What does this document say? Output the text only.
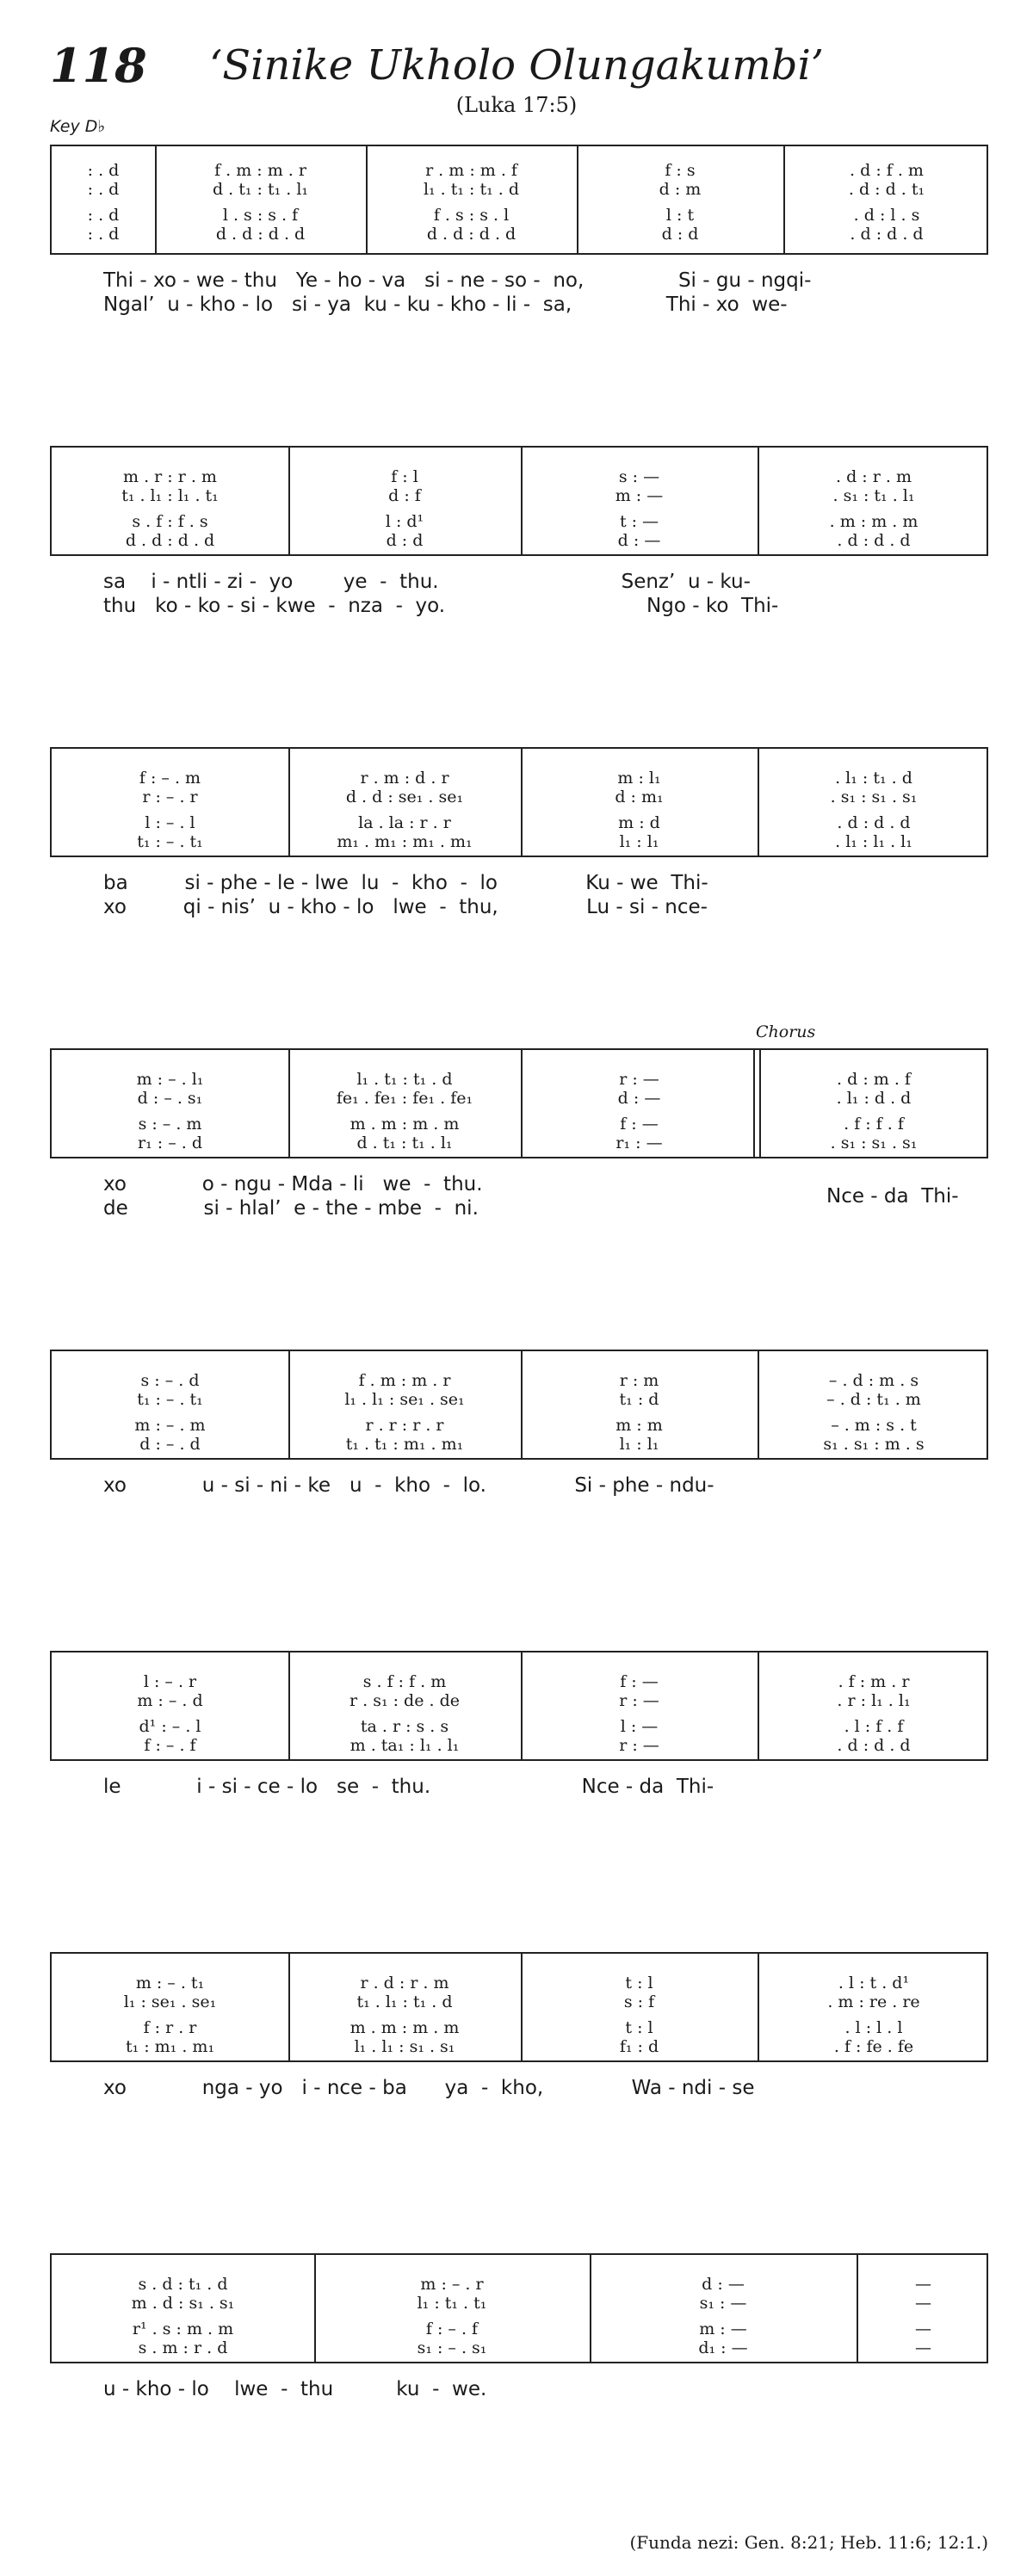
118	‘Sinike Ukholo Olungakumbi’
(Luka 17:5)
Key D♭
Chorus
: . d
: . d
: . d
: . d
f . m : m . r
d . t₁ : t₁ . l₁
l . s : s . f
d . d : d . d
r . m : m . f
l₁ . t₁ : t₁ . d
f . s : s . l
d . d : d . d
f : s
d : m
l : t
d : d
. d : f . m
. d : d . t₁
. d : l . s
. d : d . d
Thi - xo - we - thu   Ye - ho - va   si - ne - so -  no,               Si - gu - ngqi-
Ngal’  u - kho - lo   si - ya  ku - ku - kho - li -  sa,               Thi - xo  we-
m . r : r . m
t₁ . l₁ : l₁ . t₁
s . f : f . s
d . d : d . d
f : l
d : f
l : d¹
d : d
s : —
m : —
t : —
d : —
. d : r . m
. s₁ : t₁ . l₁
. m : m . m
. d : d . d
sa    i - ntli - zi -  yo        ye  -  thu.                             Senz’  u - ku-
thu   ko - ko - si - kwe  -  nza  -  yo.                                Ngo - ko  Thi-
f : – . m
r : – . r
l : – . l
t₁ : – . t₁
r . m : d . r
d . d : se₁ . se₁
la . la : r . r
m₁ . m₁ : m₁ . m₁
m : l₁
d : m₁
m : d
l₁ : l₁
. l₁ : t₁ . d
. s₁ : s₁ . s₁
. d : d . d
. l₁ : l₁ . l₁
ba         si - phe - le - lwe  lu  -  kho  -  lo              Ku - we  Thi-
xo         qi - nis’  u - kho - lo   lwe  -  thu,              Lu - si - nce-
m : – . l₁
d : – . s₁
s : – . m
r₁ : – . d
l₁ . t₁ : t₁ . d
fe₁ . fe₁ : fe₁ . fe₁
m . m : m . m
d . t₁ : t₁ . l₁
r : —
d : —
f : —
r₁ : —
. d : m . f
. l₁ : d . d
. f : f . f
. s₁ : s₁ . s₁
xo            o - ngu - Mda - li   we  -  thu.
de            si - hlal’  e - the - mbe  -  ni.
Nce - da  Thi-
s : – . d
t₁ : – . t₁
m : – . m
d : – . d
f . m : m . r
l₁ . l₁ : se₁ . se₁
r . r : r . r
t₁ . t₁ : m₁ . m₁
r : m
t₁ : d
m : m
l₁ : l₁
– . d : m . s
– . d : t₁ . m
– . m : s . t
s₁ . s₁ : m . s
xo            u - si - ni - ke   u  -  kho  -  lo.              Si - phe - ndu-
l : – . r
m : – . d
d¹ : – . l
f : – . f
s . f : f . m
r . s₁ : de . de
ta . r : s . s
m . ta₁ : l₁ . l₁
f : —
r : —
l : —
r : —
. f : m . r
. r : l₁ . l₁
. l : f . f
. d : d . d
le            i - si - ce - lo   se  -  thu.                        Nce - da  Thi-
m : – . t₁
l₁ : se₁ . se₁
f : r . r
t₁ : m₁ . m₁
r . d : r . m
t₁ . l₁ : t₁ . d
m . m : m . m
l₁ . l₁ : s₁ . s₁
t : l
s : f
t : l
f₁ : d
. l : t . d¹
. m : re . re
. l : l . l
. f : fe . fe
xo            nga - yo   i - nce - ba      ya  -  kho,              Wa - ndi - se
s . d : t₁ . d
m . d : s₁ . s₁
r¹ . s : m . m
s . m : r . d
m : – . r
l₁ : t₁ . t₁
f : – . f
s₁ : – . s₁
d : —
s₁ : —
m : —
d₁ : —
—
—
—
—
u - kho - lo    lwe  -  thu          ku  -  we.
(Funda nezi: Gen. 8:21; Heb. 11:6; 12:1.)
